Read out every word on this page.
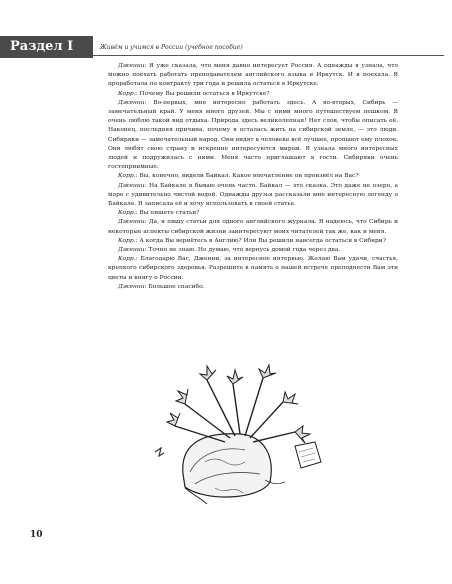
Раздел I	Живём и учимся в России (учебное пособие)

Дженни: Я уже сказала, что меня давно интересует Россия. А однажды я узнала, что можно поехать работать преподавателем английского языка в Иркутск. И я поехала. Я проработала по контракту три года и решила остаться в Иркутске.

Корр.: Почему Вы решили остаться в Иркутске?

Дженни: Во-первых, мне интересно работать здесь. А во-вторых, Сибирь — замечательный край. У меня много друзей. Мы с ними много путешествуем пешком. Я очень люблю такой вид отдыха. Природа здесь великолепная! Нет слов, чтобы описать её. Наконец, последняя причина, почему я осталась жить на сибирской земле, — это люди. Сибиряки — замечательный народ. Они видят в человеке всё лучшее, прощают ему плохое. Они любят свою страну и искренне интересуются миром. Я узнала много интересных людей и подружилась с ними. Меня часто приглашают в гости. Сибиряки очень гостеприимные.

Корр.: Вы, конечно, видели Байкал. Какое впечатление он произвёл на Вас?

Дженни: На Байкале я бываю очень часто. Байкал — это сказка. Это даже не озеро, а море с удивительно чистой водой. Однажды друзья рассказали мне интересную легенду о Байкале. Я записала её и хочу использовать в своей статье.

Корр.: Вы пишете статьи?

Дженни: Да, я пишу статьи для одного английского журнала. Я надеюсь, что Сибирь и некоторые аспекты сибирской жизни заинтересуют моих читателей так же, как и меня.

Корр.: А когда Вы вернётесь в Англию? Или Вы решили навсегда остаться в Сибири?

Дженни: Точно не знаю. Но думаю, что вернусь домой года через два.

Корр.: Благодарю Вас, Дженни, за интересное интервью. Желаю Вам удачи, счастья, крепкого сибирского здоровья. Разрешите в память о нашей встрече преподнести Вам эти цветы и книгу о России.

Дженни: Большое спасибо.

10
